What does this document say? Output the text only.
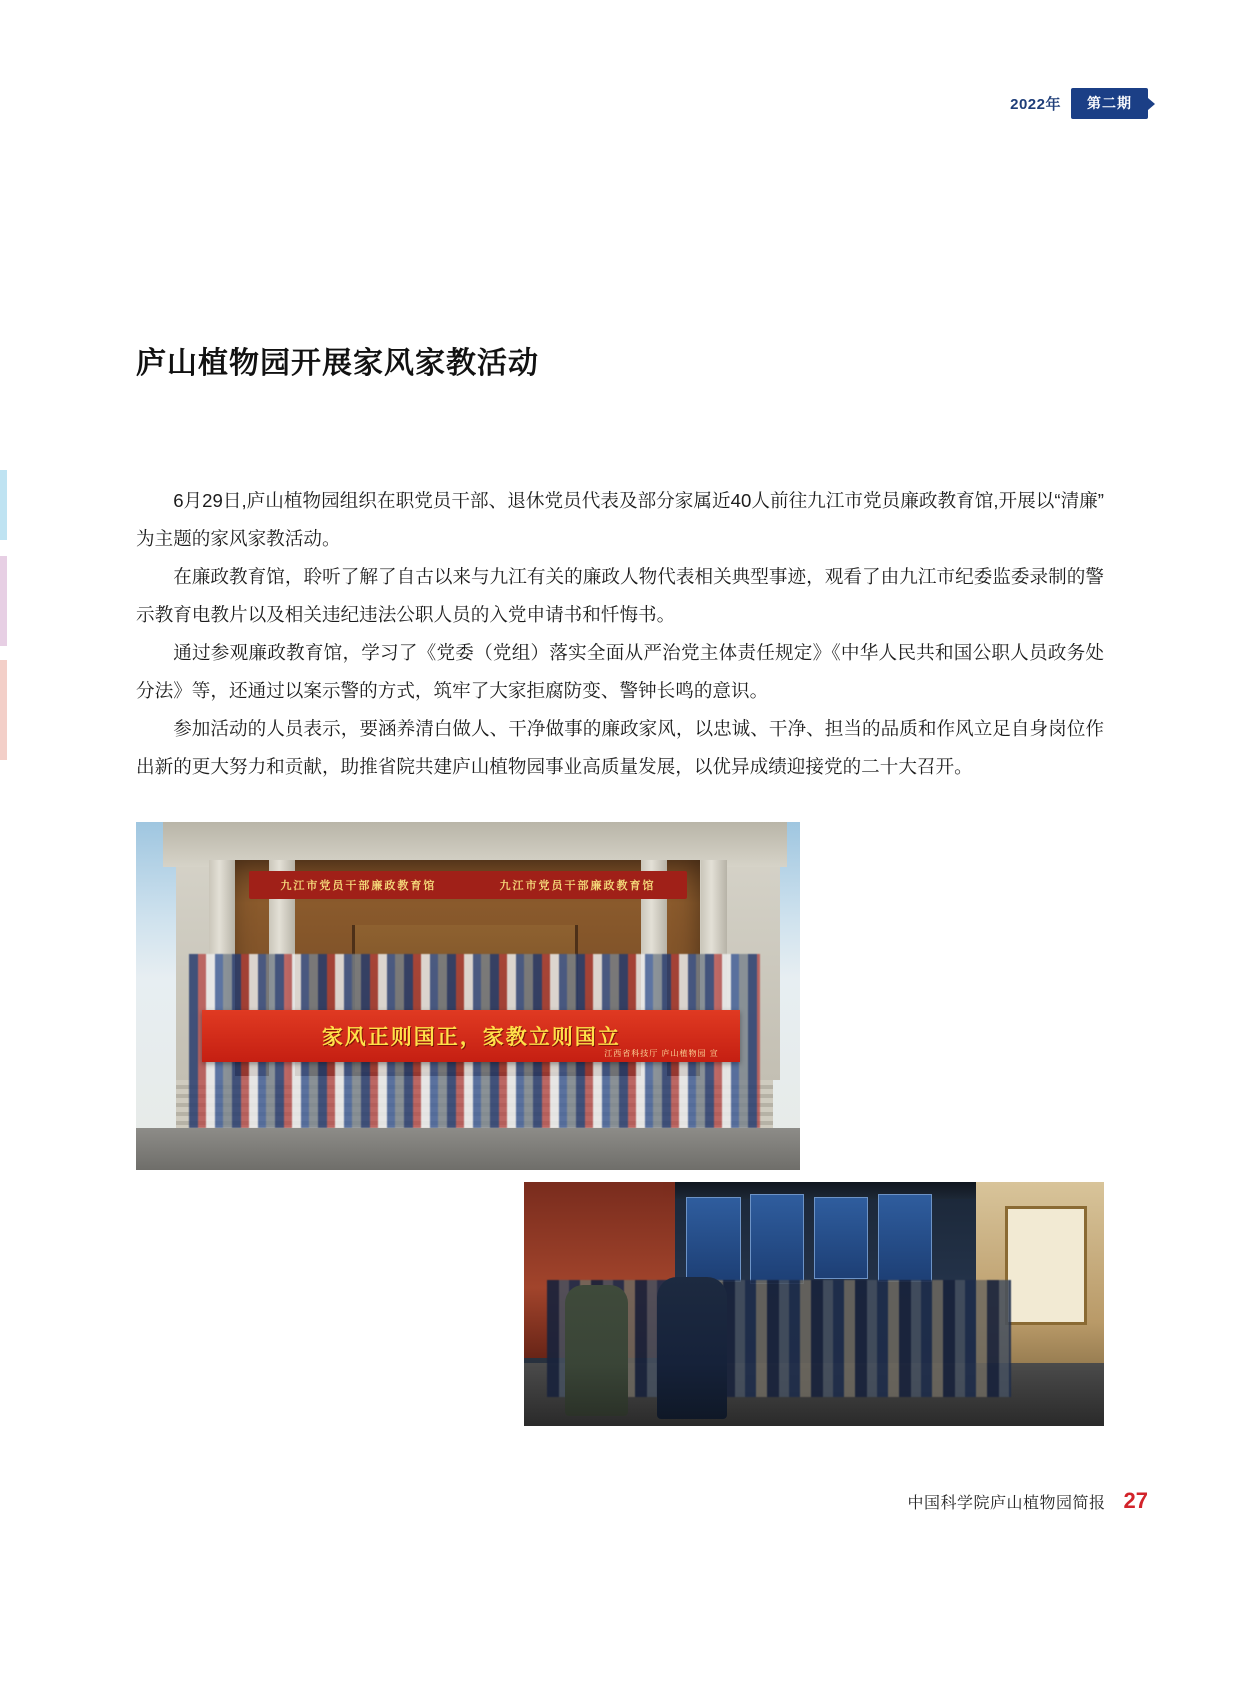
2022年	第二期
庐山植物园开展家风家教活动

6月29日,庐山植物园组织在职党员干部、退休党员代表及部分家属近40人前往九江市党员廉政教育馆,开展以“清廉”为主题的家风家教活动。

在廉政教育馆，聆听了解了自古以来与九江有关的廉政人物代表相关典型事迹，观看了由九江市纪委监委录制的警示教育电教片以及相关违纪违法公职人员的入党申请书和忏悔书。

通过参观廉政教育馆，学习了《党委（党组）落实全面从严治党主体责任规定》《中华人民共和国公职人员政务处分法》等，还通过以案示警的方式，筑牢了大家拒腐防变、警钟长鸣的意识。

参加活动的人员表示，要涵养清白做人、干净做事的廉政家风，以忠诚、干净、担当的品质和作风立足自身岗位作出新的更大努力和贡献，助推省院共建庐山植物园事业高质量发展，以优异成绩迎接党的二十大召开。

九江市党员干部廉政教育馆	九江市党员干部廉政教育馆
家风正则国正，家教立则国立
江西省科技厅 庐山植物园 宣
中国科学院庐山植物园简报 27
